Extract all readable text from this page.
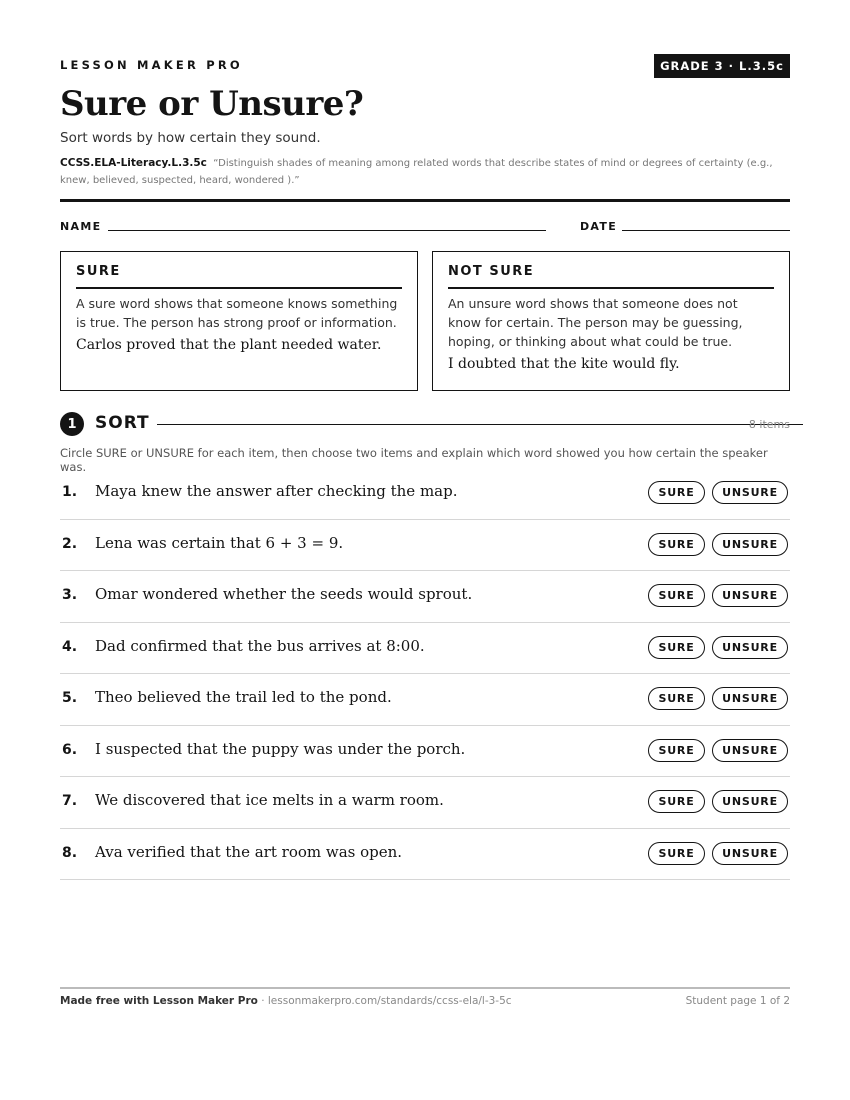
LESSON MAKER PRO	GRADE 3 · L.3.5c
Sure or Unsure?
Sort words by how certain they sound.
CCSS.ELA-Literacy.L.3.5c “Distinguish shades of meaning among related words that describe states of mind or degrees of certainty (e.g., knew, believed, suspected, heard, wondered ).”
NAME	DATE
SURE
A sure word shows that someone knows something is true. The person has strong proof or information.
Carlos proved that the plant needed water.
NOT SURE
An unsure word shows that someone does not know for certain. The person may be guessing, hoping, or thinking about what could be true.
I doubted that the kite would fly.
1	SORT	8 items
Circle SURE or UNSURE for each item, then choose two items and explain which word showed you how certain the speaker was.
1. Maya knew the answer after checking the map.	SURE	UNSURE
2. Lena was certain that 6 + 3 = 9.	SURE	UNSURE
3. Omar wondered whether the seeds would sprout.	SURE	UNSURE
4. Dad confirmed that the bus arrives at 8:00.	SURE	UNSURE
5. Theo believed the trail led to the pond.	SURE	UNSURE
6. I suspected that the puppy was under the porch.	SURE	UNSURE
7. We discovered that ice melts in a warm room.	SURE	UNSURE
8. Ava verified that the art room was open.	SURE	UNSURE
Made free with Lesson Maker Pro · lessonmakerpro.com/standards/ccss-ela/l-3-5c	Student page 1 of 2
